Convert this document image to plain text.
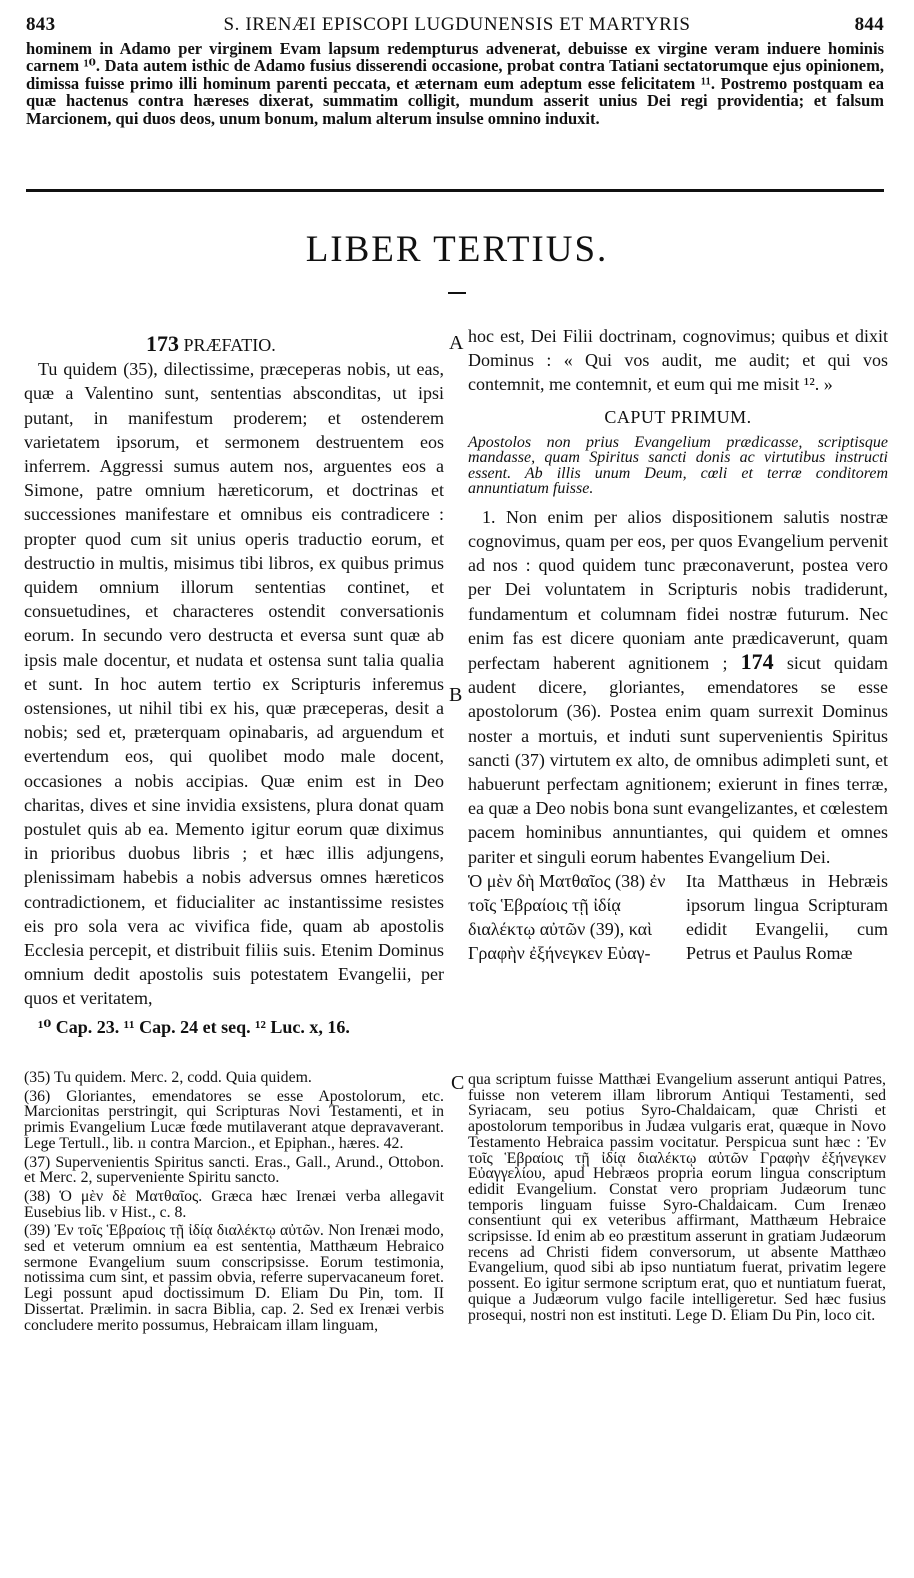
S. IRENÆI EPISCOPI LUGDUNENSIS ET MARTYRIS
843	844
hominem in Adamo per virginem Evam lapsum redempturus advenerat, debuisse ex virgine veram induere hominis carnem ¹⁰. Data autem isthic de Adamo fusius disserendi occasione, probat contra Tatiani sectatorumque ejus opinionem, dimissa fuisse primo illi hominum parenti peccata, et æternam eum adeptum esse felicitatem ¹¹. Postremo postquam ea quæ hactenus contra hæreses dixerat, summatim colligit, mundum asserit unius Dei regi providentia; et falsum Marcionem, qui duos deos, unum bonum, malum alterum insulse omnino induxit.
LIBER TERTIUS.
A
B
C
173 PRÆFATIO.
Tu quidem (35), dilectissime, præceperas nobis, ut eas, quæ a Valentino sunt, sententias absconditas, ut ipsi putant, in manifestum proderem; et ostenderem varietatem ipsorum, et sermonem destruentem eos inferrem. Aggressi sumus autem nos, arguentes eos a Simone, patre omnium hæreticorum, et doctrinas et successiones manifestare et omnibus eis contradicere : propter quod cum sit unius operis traductio eorum, et destructio in multis, misimus tibi libros, ex quibus primus quidem omnium illorum sententias continet, et consuetudines, et characteres ostendit conversationis eorum. In secundo vero destructa et eversa sunt quæ ab ipsis male docentur, et nudata et ostensa sunt talia qualia et sunt. In hoc autem tertio ex Scripturis inferemus ostensiones, ut nihil tibi ex his, quæ præceperas, desit a nobis; sed et, præterquam opinabaris, ad arguendum et evertendum eos, qui quolibet modo male docent, occasiones a nobis accipias. Quæ enim est in Deo charitas, dives et sine invidia exsistens, plura donat quam postulet quis ab ea. Memento igitur eorum quæ diximus in prioribus duobus libris ; et hæc illis adjungens, plenissimam habebis a nobis adversus omnes hæreticos contradictionem, et fiducialiter ac instantissime resistes eis pro sola vera ac vivifica fide, quam ab apostolis Ecclesia percepit, et distribuit filiis suis. Etenim Dominus omnium dedit apostolis suis potestatem Evangelii, per quos et veritatem,
¹⁰ Cap. 23. ¹¹ Cap. 24 et seq. ¹² Luc. x, 16.
hoc est, Dei Filii doctrinam, cognovimus; quibus et dixit Dominus : « Qui vos audit, me audit; et qui vos contemnit, me contemnit, et eum qui me misit ¹². »
CAPUT PRIMUM.
Apostolos non prius Evangelium prædicasse, scriptisque mandasse, quam Spiritus sancti donis ac virtutibus instructi essent. Ab illis unum Deum, cœli et terræ conditorem annuntiatum fuisse.
1. Non enim per alios dispositionem salutis nostræ cognovimus, quam per eos, per quos Evangelium pervenit ad nos : quod quidem tunc præconaverunt, postea vero per Dei voluntatem in Scripturis nobis tradiderunt, fundamentum et columnam fidei nostræ futurum. Nec enim fas est dicere quoniam ante prædicaverunt, quam perfectam haberent agnitionem ; 174 sicut quidam audent dicere, gloriantes, emendatores se esse apostolorum (36). Postea enim quam surrexit Dominus noster a mortuis, et induti sunt supervenientis Spiritus sancti (37) virtutem ex alto, de omnibus adimpleti sunt, et habuerunt perfectam agnitionem; exierunt in fines terræ, ea quæ a Deo nobis bona sunt evangelizantes, et cœlestem pacem hominibus annuntiantes, qui quidem et omnes pariter et singuli eorum habentes Evangelium Dei.
Ὁ μὲν δὴ Ματθαῖος (38) ἐν τοῖς Ἑβραίοις τῇ ἰδίᾳ διαλέκτῳ αὐτῶν (39), καὶ Γραφὴν ἐξήνεγκεν Εὐαγ-
Ita Matthæus in Hebræis ipsorum lingua Scripturam edidit Evangelii, cum Petrus et Paulus Romæ

(35) Tu quidem. Merc. 2, codd. Quia quidem.

(36) Gloriantes, emendatores se esse Apostolorum, etc. Marcionitas perstringit, qui Scripturas Novi Testamenti, et in primis Evangelium Lucæ fœde mutilaverant atque depravaverant. Lege Tertull., lib. ıı contra Marcion., et Epiphan., hæres. 42.

(37) Supervenientis Spiritus sancti. Eras., Gall., Arund., Ottobon. et Merc. 2, superveniente Spiritu sancto.

(38) Ὁ μὲν δὲ Ματθαῖος. Græca hæc Irenæi verba allegavit Eusebius lib. v Hist., c. 8.

(39) Ἐν τοῖς Ἑβραίοις τῇ ἰδίᾳ διαλέκτῳ αὐτῶν. Non Irenæi modo, sed et veterum omnium ea est sententia, Matthæum Hebraico sermone Evangelium suum conscripsisse. Eorum testimonia, notissima cum sint, et passim obvia, referre supervacaneum foret. Legi possunt apud doctissimum D. Eliam Du Pin, tom. II Dissertat. Prælimin. in sacra Biblia, cap. 2. Sed ex Irenæi verbis concludere merito possumus, Hebraicam illam linguam,

qua scriptum fuisse Matthæi Evangelium asserunt antiqui Patres, fuisse non veterem illam librorum Antiqui Testamenti, sed Syriacam, seu potius Syro-Chaldaicam, quæ Christi et apostolorum temporibus in Judæa vulgaris erat, quæque in Novo Testamento Hebraica passim vocitatur. Perspicua sunt hæc : Ἐν τοῖς Ἑβραίοις τῇ ἰδίᾳ διαλέκτῳ αὐτῶν Γραφὴν ἐξήνεγκεν Εὐαγγελίου, apud Hebræos propria eorum lingua conscriptum edidit Evangelium. Constat vero propriam Judæorum tunc temporis linguam fuisse Syro-Chaldaicam. Cum Irenæo consentiunt qui ex veteribus affirmant, Matthæum Hebraice scripsisse. Id enim ab eo præstitum asserunt in gratiam Judæorum recens ad Christi fidem conversorum, ut absente Matthæo Evangelium, quod sibi ab ipso nuntiatum fuerat, privatim legere possent. Eo igitur sermone scriptum erat, quo et nuntiatum fuerat, quique a Judæorum vulgo facile intelligeretur. Sed hæc fusius prosequi, nostri non est instituti. Lege D. Eliam Du Pin, loco cit.
